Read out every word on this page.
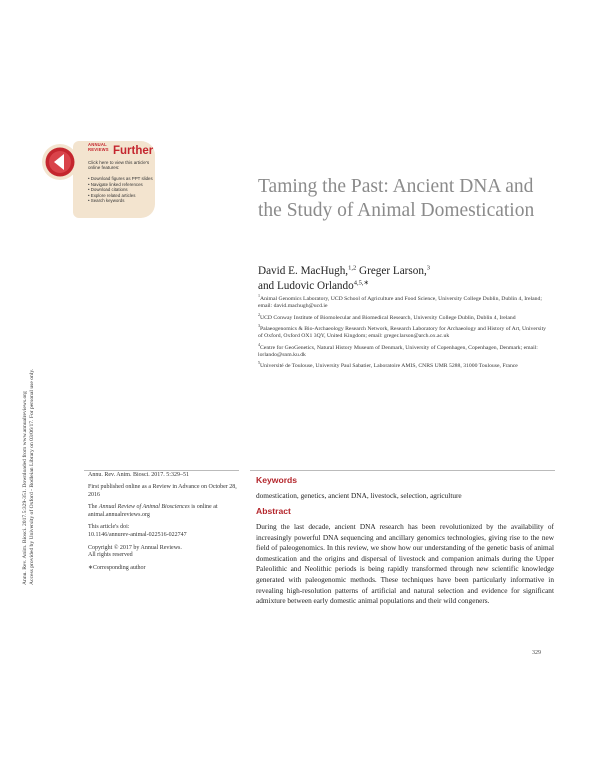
ANNUAL REVIEWS Further
Click here to view this article's online features:
• Download figures as PPT slides
• Navigate linked references
• Download citations
• Explore related articles
• Search keywords
Annu. Rev. Anim. Biosci. 2017.5:329-351. Downloaded from www.annualreviews.org Access provided by University of Oxford - Bodleian Library on 03/06/17. For personal use only.
Taming the Past: Ancient DNA and the Study of Animal Domestication
David E. MacHugh,$^{1,2}$ Greger Larson,$^3$
and Ludovic Orlando$^{4,5,∗}$
$^1$Animal Genomics Laboratory, UCD School of Agriculture and Food Science, University College Dublin, Dublin 4, Ireland; email: david.machugh@ucd.ie
$^2$UCD Conway Institute of Biomolecular and Biomedical Research, University College Dublin, Dublin 4, Ireland
$^3$Palaeogenomics & Bio-Archaeology Research Network, Research Laboratory for Archaeology and History of Art, University of Oxford, Oxford OX1 3QY, United Kingdom; email: greger.larson@arch.ox.ac.uk
$^4$Centre for GeoGenetics, Natural History Museum of Denmark, University of Copenhagen, Copenhagen, Denmark; email: lorlando@snm.ku.dk
$^5$Université de Toulouse, University Paul Sabatier, Laboratoire AMIS, CNRS UMR 5288, 31000 Toulouse, France

Annu. Rev. Anim. Biosci. 2017. 5:329–51

First published online as a Review in Advance on October 28, 2016

The Annual Review of Animal Biosciences is online at animal.annualreviews.org

This article's doi:
10.1146/annurev-animal-022516-022747

Copyright © 2017 by Annual Reviews.
All rights reserved

∗Corresponding author

Keywords
domestication, genetics, ancient DNA, livestock, selection, agriculture
Abstract

During the last decade, ancient DNA research has been revolutionized by the availability of increasingly powerful DNA sequencing and ancillary genomics technologies, giving rise to the new field of paleogenomics. In this review, we show how our understanding of the genetic basis of animal domestication and the origins and dispersal of livestock and companion animals during the Upper Paleolithic and Neolithic periods is being rapidly transformed through new scientific knowledge generated with paleogenomic methods. These techniques have been particularly informative in revealing high-resolution patterns of artificial and natural selection and evidence for significant admixture between early domestic animal populations and their wild congeners.

329
